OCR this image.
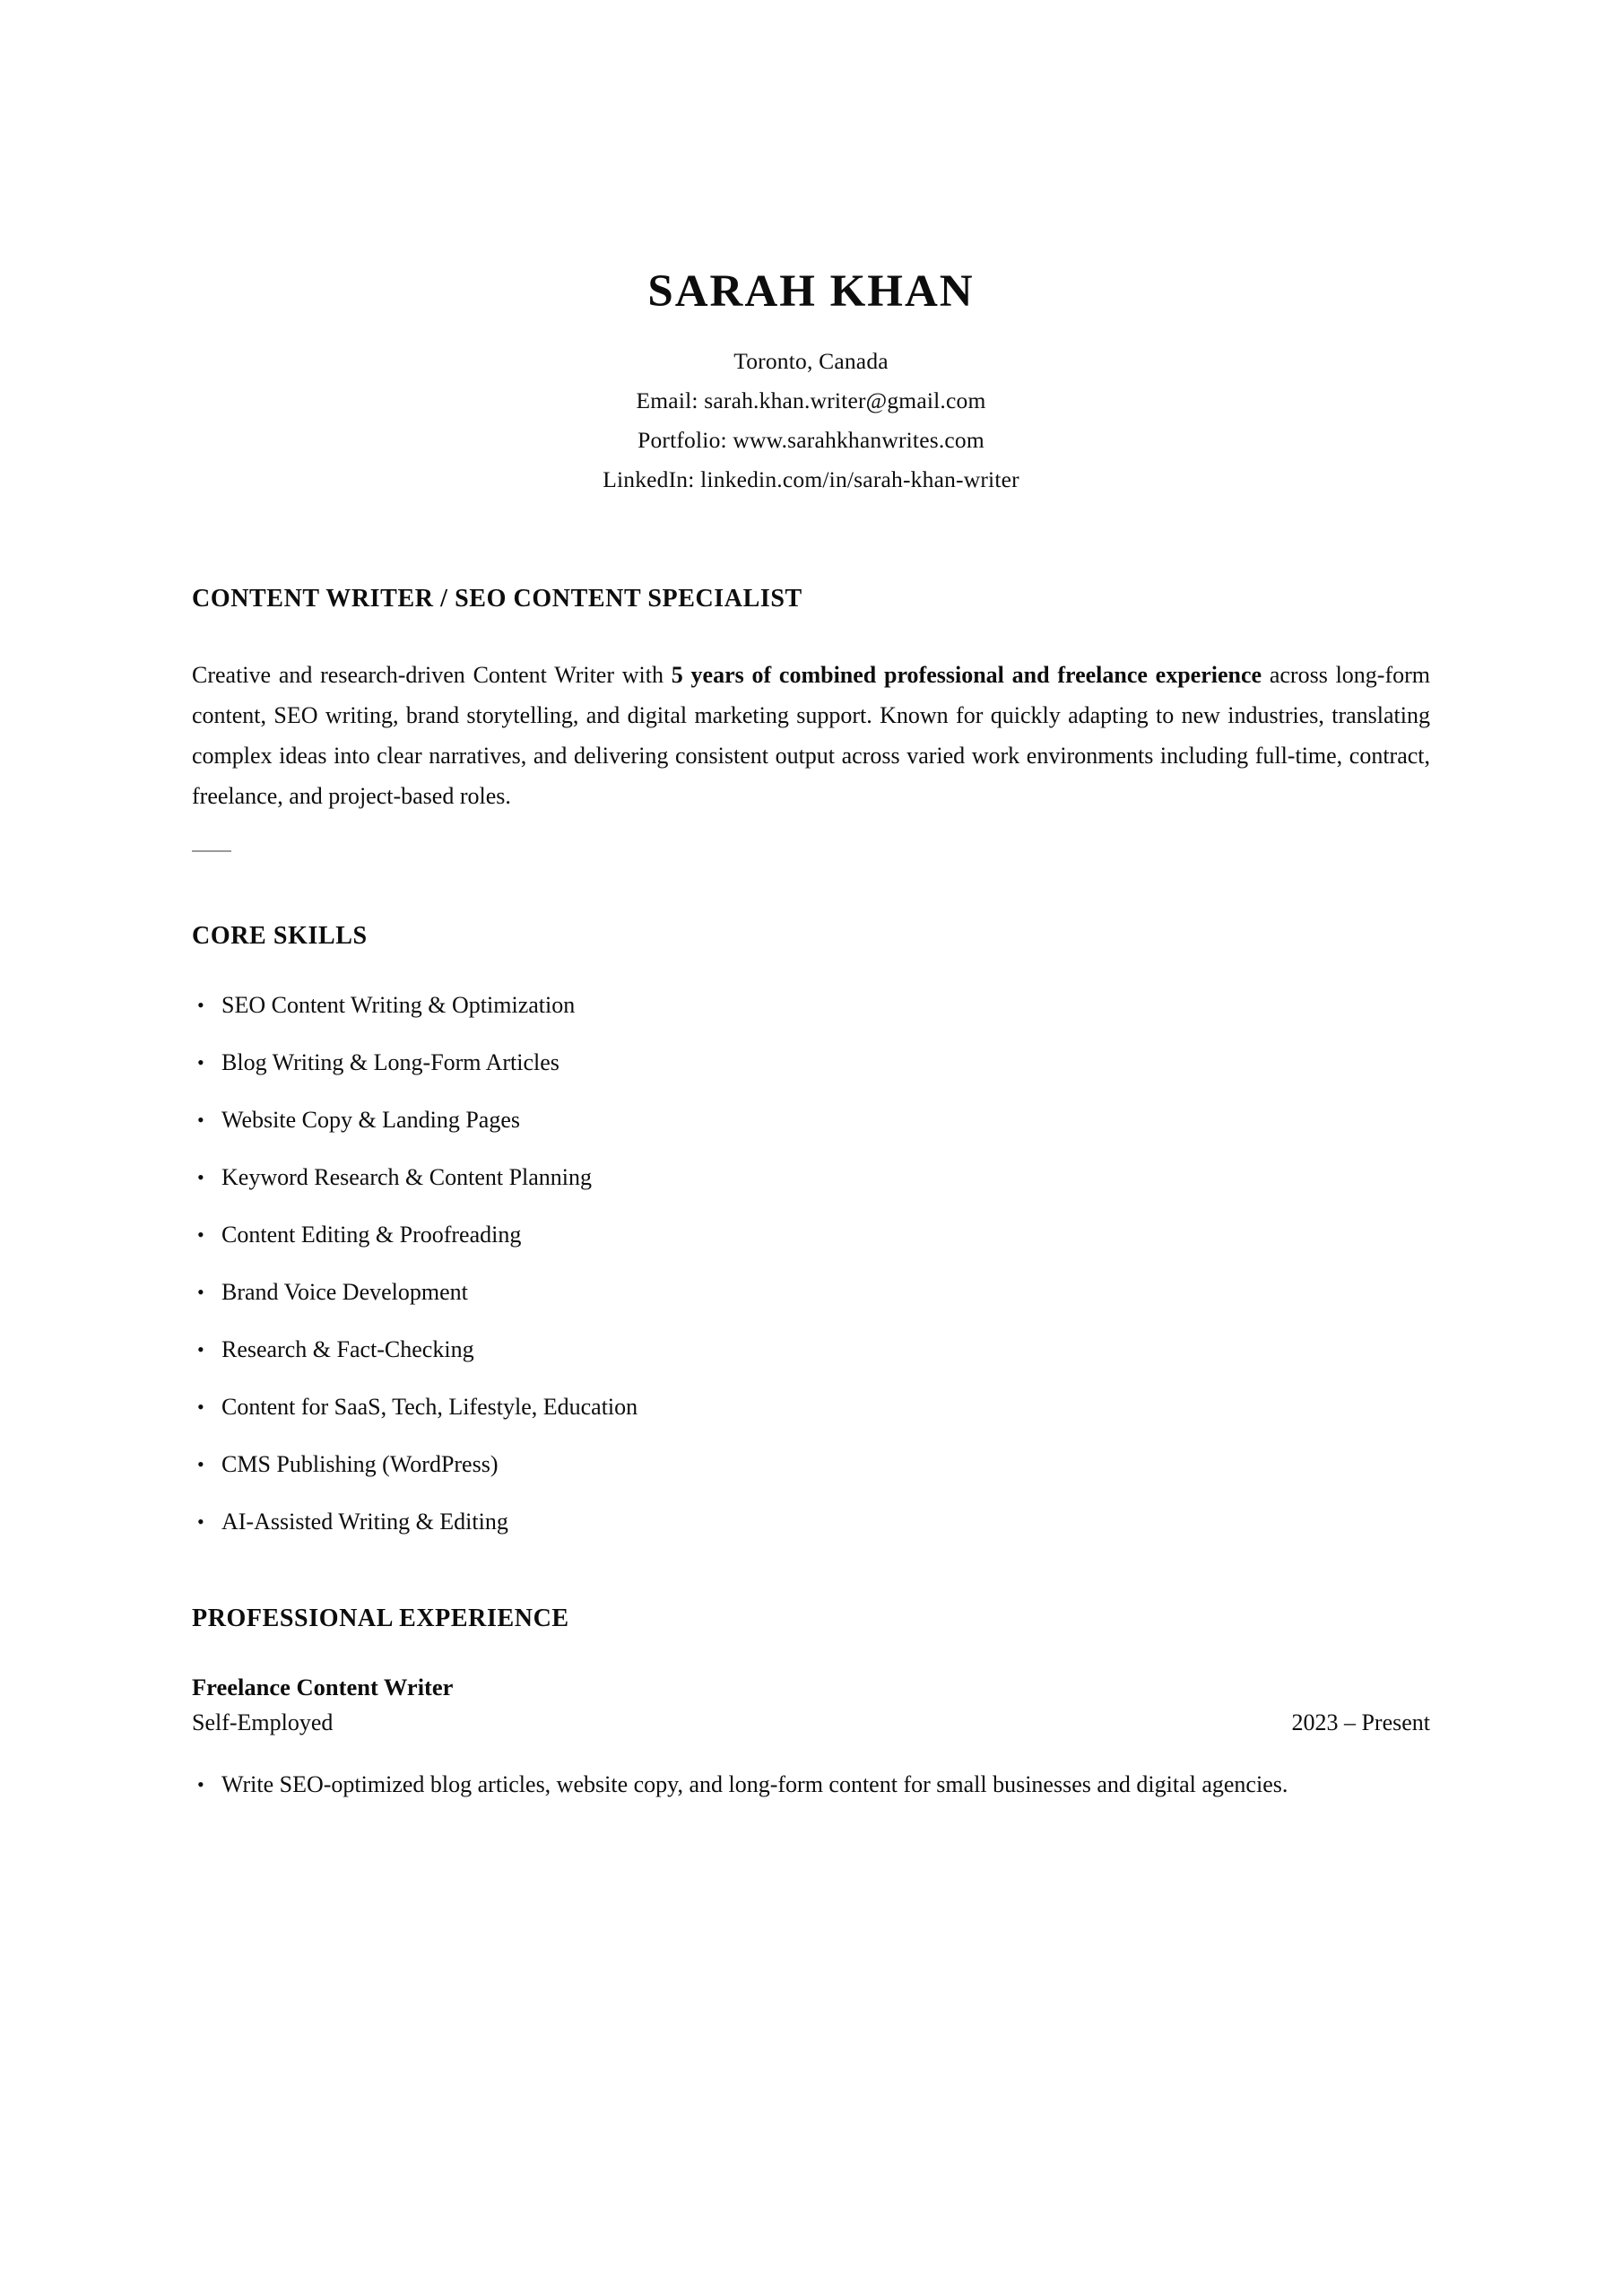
SARAH KHAN
Toronto, Canada
Email: sarah.khan.writer@gmail.com
Portfolio: www.sarahkhanwrites.com
LinkedIn: linkedin.com/in/sarah-khan-writer
CONTENT WRITER / SEO CONTENT SPECIALIST

Creative and research-driven Content Writer with 5 years of combined professional and freelance experience across long-form content, SEO writing, brand storytelling, and digital marketing support. Known for quickly adapting to new industries, translating complex ideas into clear narratives, and delivering consistent output across varied work environments including full-time, contract, freelance, and project-based roles.

CORE SKILLS
• SEO Content Writing & Optimization
• Blog Writing & Long-Form Articles
• Website Copy & Landing Pages
• Keyword Research & Content Planning
• Content Editing & Proofreading
• Brand Voice Development
• Research & Fact-Checking
• Content for SaaS, Tech, Lifestyle, Education
• CMS Publishing (WordPress)
• AI-Assisted Writing & Editing
PROFESSIONAL EXPERIENCE
Freelance Content Writer
Self-Employed	2023 – Present
• Write SEO-optimized blog articles, website copy, and long-form content for small businesses and digital agencies.
